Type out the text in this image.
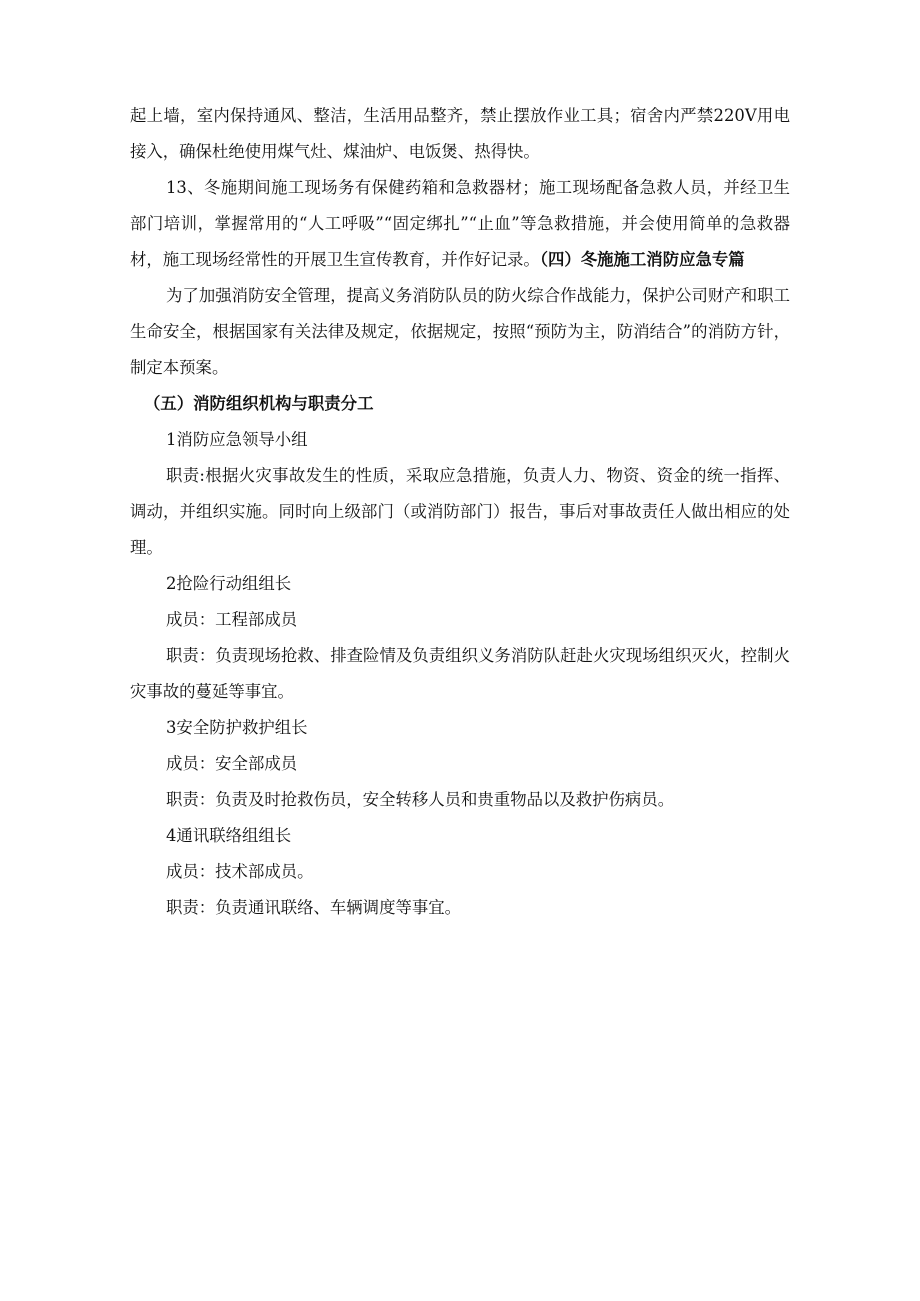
起上墙，室内保持通风、整洁，生活用品整齐，禁止摆放作业工具；宿舍内严禁220V用电接入，确保杜绝使用煤气灶、煤油炉、电饭煲、热得快。

13、冬施期间施工现场务有保健药箱和急救器材；施工现场配备急救人员，并经卫生部门培训，掌握常用的“人工呼吸”“固定绑扎”“止血”等急救措施，并会使用简单的急救器材，施工现场经常性的开展卫生宣传教育，并作好记录。（四）冬施施工消防应急专篇

为了加强消防安全管理，提高义务消防队员的防火综合作战能力，保护公司财产和职工生命安全，根据国家有关法律及规定，依据规定，按照“预防为主，防消结合”的消防方针，制定本预案。

（五）消防组织机构与职责分工

1消防应急领导小组

职责:根据火灾事故发生的性质，采取应急措施，负责人力、物资、资金的统一指挥、调动，并组织实施。同时向上级部门（或消防部门）报告，事后对事故责任人做出相应的处理。

2抢险行动组组长

成员：工程部成员

职责：负责现场抢救、排查险情及负责组织义务消防队赶赴火灾现场组织灭火，控制火灾事故的蔓延等事宜。

3安全防护救护组长

成员：安全部成员

职责：负责及时抢救伤员，安全转移人员和贵重物品以及救护伤病员。

4通讯联络组组长

成员：技术部成员。

职责：负责通讯联络、车辆调度等事宜。
